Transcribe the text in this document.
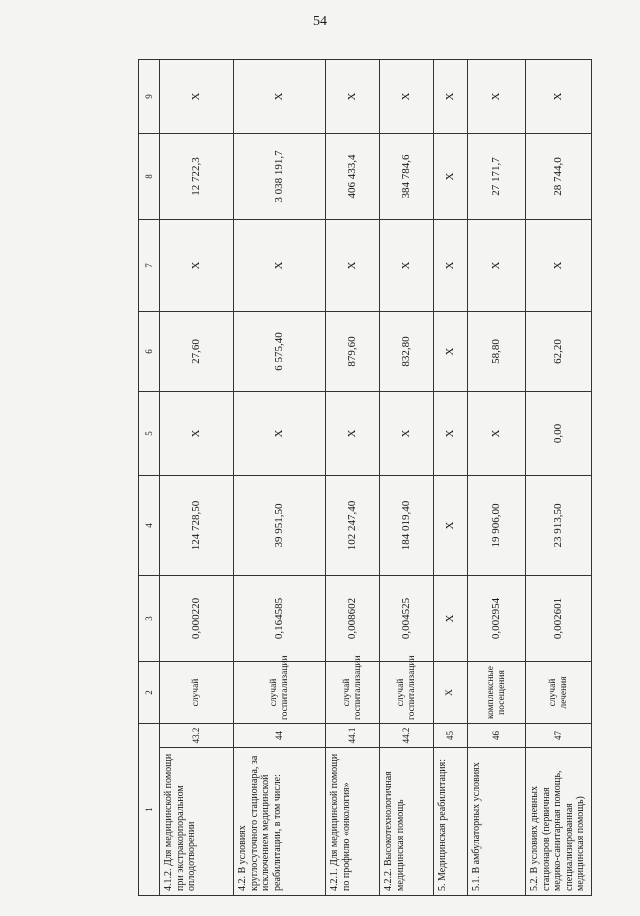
54
1		2	3	4	5	6	7	8	9
4.1.2. Для медицинской помощи при экстракорпоральном оплодотворении	43.2	случай	0,000220	124 728,50	Х	27,60	Х	12 722,3	Х
4.2. В условиях круглосуточного стационара, за исключением медицинской реабилитации, в том числе:	44	случай госпитализации	0,164585	39 951,50	Х	6 575,40	Х	3 038 191,7	Х
4.2.1. Для медицинской помощи по профилю «онкология»	44.1	случай госпитализации	0,008602	102 247,40	Х	879,60	Х	406 433,4	Х
4.2.2. Высокотехнологичная медицинская помощь	44.2	случай госпитализации	0,004525	184 019,40	Х	832,80	Х	384 784,6	Х
5. Медицинская реабилитация:	45	Х	Х	Х	Х	Х	Х	Х	Х
5.1. В амбулаторных условиях	46	комплексные посещения	0,002954	19 906,00	Х	58,80	Х	27 171,7	Х
5.2. В условиях дневных стационаров (первичная медико-санитарная помощь, специализированная медицинская помощь)	47	случай лечения	0,002601	23 913,50	0,00	62,20	Х	28 744,0	Х
